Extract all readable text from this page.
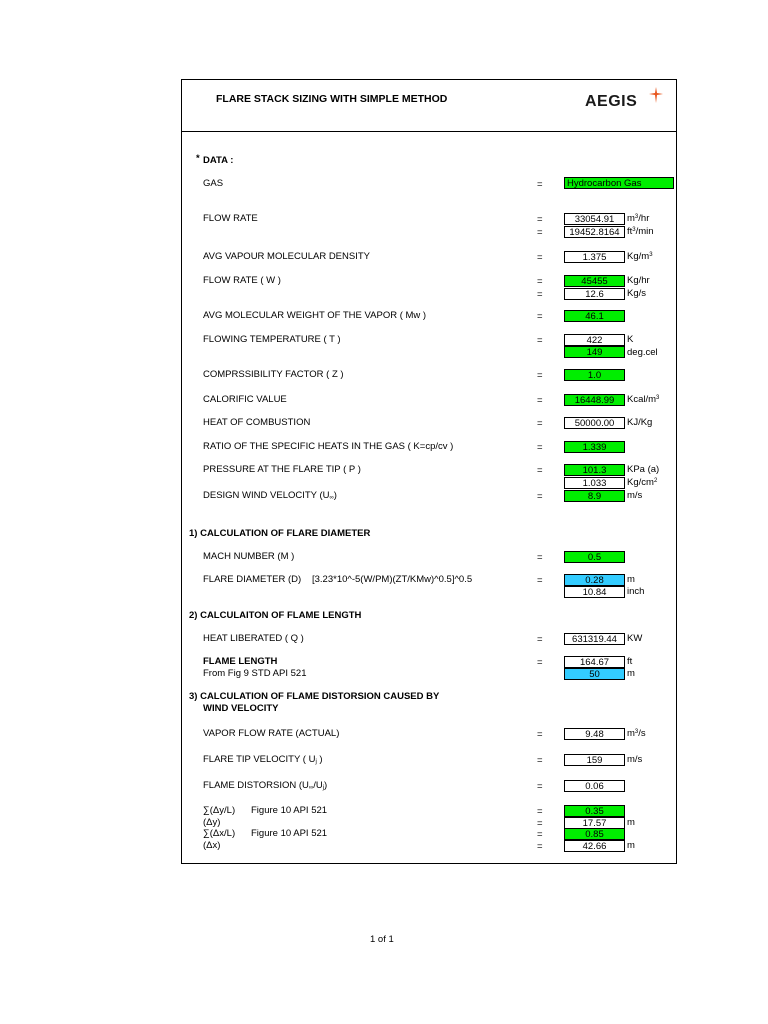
FLARE STACK SIZING WITH SIMPLE METHOD	AEGIS
* DATA :
GAS	=	Hydrocarbon Gas
FLOW RATE	=	33054.91	$m^3/hr$
=	19452.8164 $ft^3/\min$
AVG VAPOUR MOLECULAR DENSITY	=	1.375	$Kg/m^3$
FLOW RATE ( W )	=	45455	Kg/hr
=	12.6	Kg/s
AVG MOLECULAR WEIGHT OF THE VAPOR ( Mw )	=	46.1
FLOWING TEMPERATURE ( T )	=	422	K
149	deg.cel
COMPRSSIBILITY FACTOR ( Z )	=	1.0
CALORIFIC VALUE	=	16448.99	Kcal/$m^3$
HEAT OF COMBUSTION	=	50000.00	KJ/Kg
RATIO OF THE SPECIFIC HEATS IN THE GAS ( K=cp/cv )	=	1.339
PRESSURE AT THE FLARE TIP ( P )	=	101.3	KPa (a)
1.033	$Kg/cm^2$
DESIGN WIND VELOCITY $(U_\infty)$	=	8.9	m/s
1) CALCULATION OF FLARE DIAMETER
MACH NUMBER (M )	=	0.5
FLARE DIAMETER (D) [3.23*10^-5(W/PM)(ZT/KMw)^0.5]^0.5	=	0.28	m
10.84	inch
2) CALCULAITON OF FLAME LENGTH
HEAT LIBERATED ( Q )	=	631319.44	KW
FLAME LENGTH
From Fig 9 STD API 521
=	164.67	ft
50	m
3) CALCULATION OF FLAME DISTORSION CAUSED BY
WIND VELOCITY
VAPOR FLOW RATE (ACTUAL)	=	9.48	$m^3/s$
FLARE TIP VELOCITY ( $U_j$ )	=	159	m/s
FLAME DISTORSION $(U_\infty/U_j)$	=	0.06
∑(Δy/L) Figure 10 API 521	=	0.35
(Δy)	=	17.57	m
∑(Δx/L) Figure 10 API 521	=	0.85
(Δx)	=	42.66	m
1 of 1
